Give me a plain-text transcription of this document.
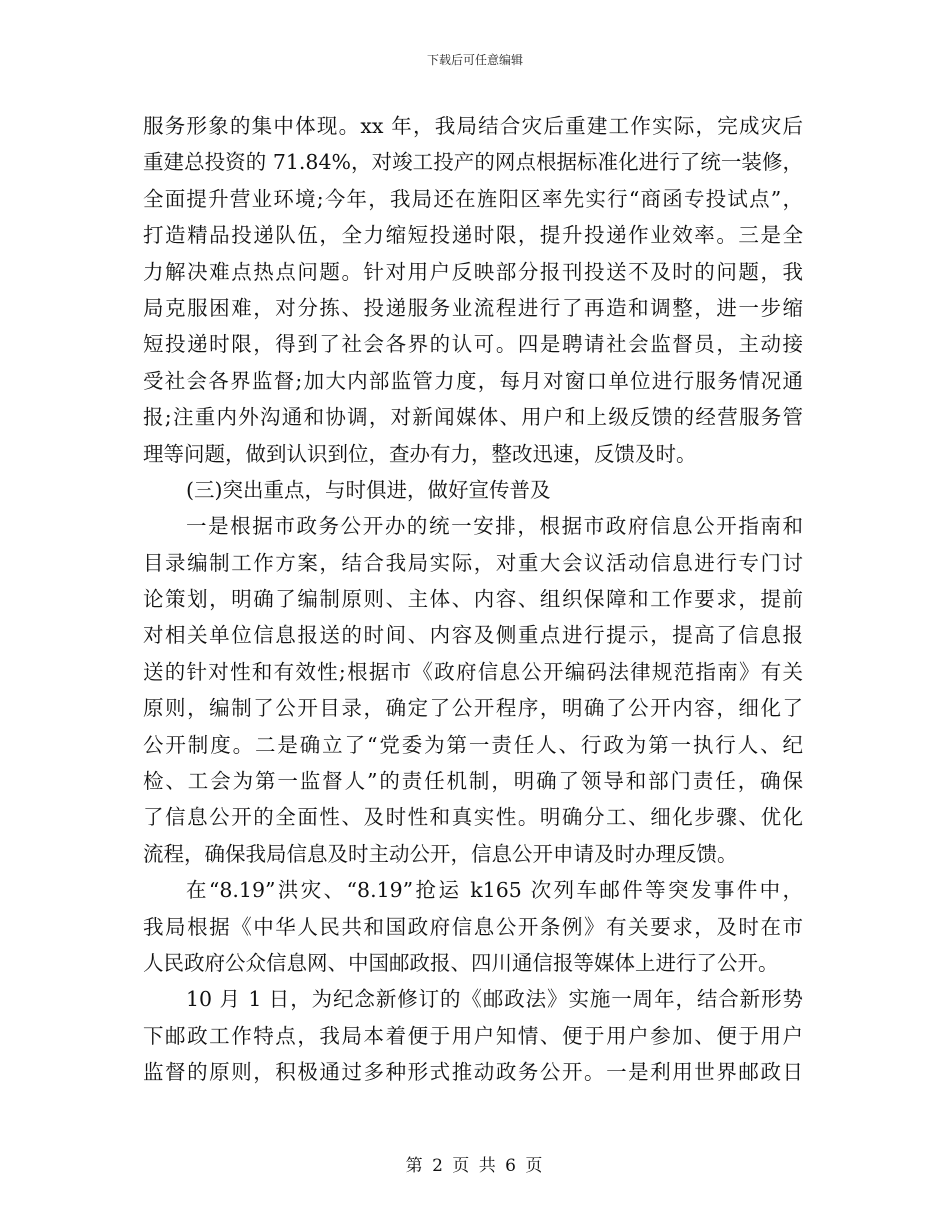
下载后可任意编辑
服务形象的集中体现。xx 年，我局结合灾后重建工作实际，完成灾后
重建总投资的 71.84%，对竣工投产的网点根据标准化进行了统一装修，
全面提升营业环境;今年，我局还在旌阳区率先实行“商函专投试点”，
打造精品投递队伍，全力缩短投递时限，提升投递作业效率。三是全
力解决难点热点问题。针对用户反映部分报刊投送不及时的问题，我
局克服困难，对分拣、投递服务业流程进行了再造和调整，进一步缩
短投递时限，得到了社会各界的认可。四是聘请社会监督员，主动接
受社会各界监督;加大内部监管力度，每月对窗口单位进行服务情况通
报;注重内外沟通和协调，对新闻媒体、用户和上级反馈的经营服务管
理等问题，做到认识到位，查办有力，整改迅速，反馈及时。
(三)突出重点，与时俱进，做好宣传普及
一是根据市政务公开办的统一安排，根据市政府信息公开指南和
目录编制工作方案，结合我局实际，对重大会议活动信息进行专门讨
论策划，明确了编制原则、主体、内容、组织保障和工作要求，提前
对相关单位信息报送的时间、内容及侧重点进行提示，提高了信息报
送的针对性和有效性;根据市《政府信息公开编码法律规范指南》有关
原则，编制了公开目录，确定了公开程序，明确了公开内容，细化了
公开制度。二是确立了“党委为第一责任人、行政为第一执行人、纪
检、工会为第一监督人”的责任机制，明确了领导和部门责任，确保
了信息公开的全面性、及时性和真实性。明确分工、细化步骤、优化
流程，确保我局信息及时主动公开，信息公开申请及时办理反馈。
在“8.19”洪灾、“8.19”抢运 k165 次列车邮件等突发事件中，
我局根据《中华人民共和国政府信息公开条例》有关要求，及时在市
人民政府公众信息网、中国邮政报、四川通信报等媒体上进行了公开。
10 月 1 日，为纪念新修订的《邮政法》实施一周年，结合新形势
下邮政工作特点，我局本着便于用户知情、便于用户参加、便于用户
监督的原则，积极通过多种形式推动政务公开。一是利用世界邮政日
第 2 页 共 6 页
